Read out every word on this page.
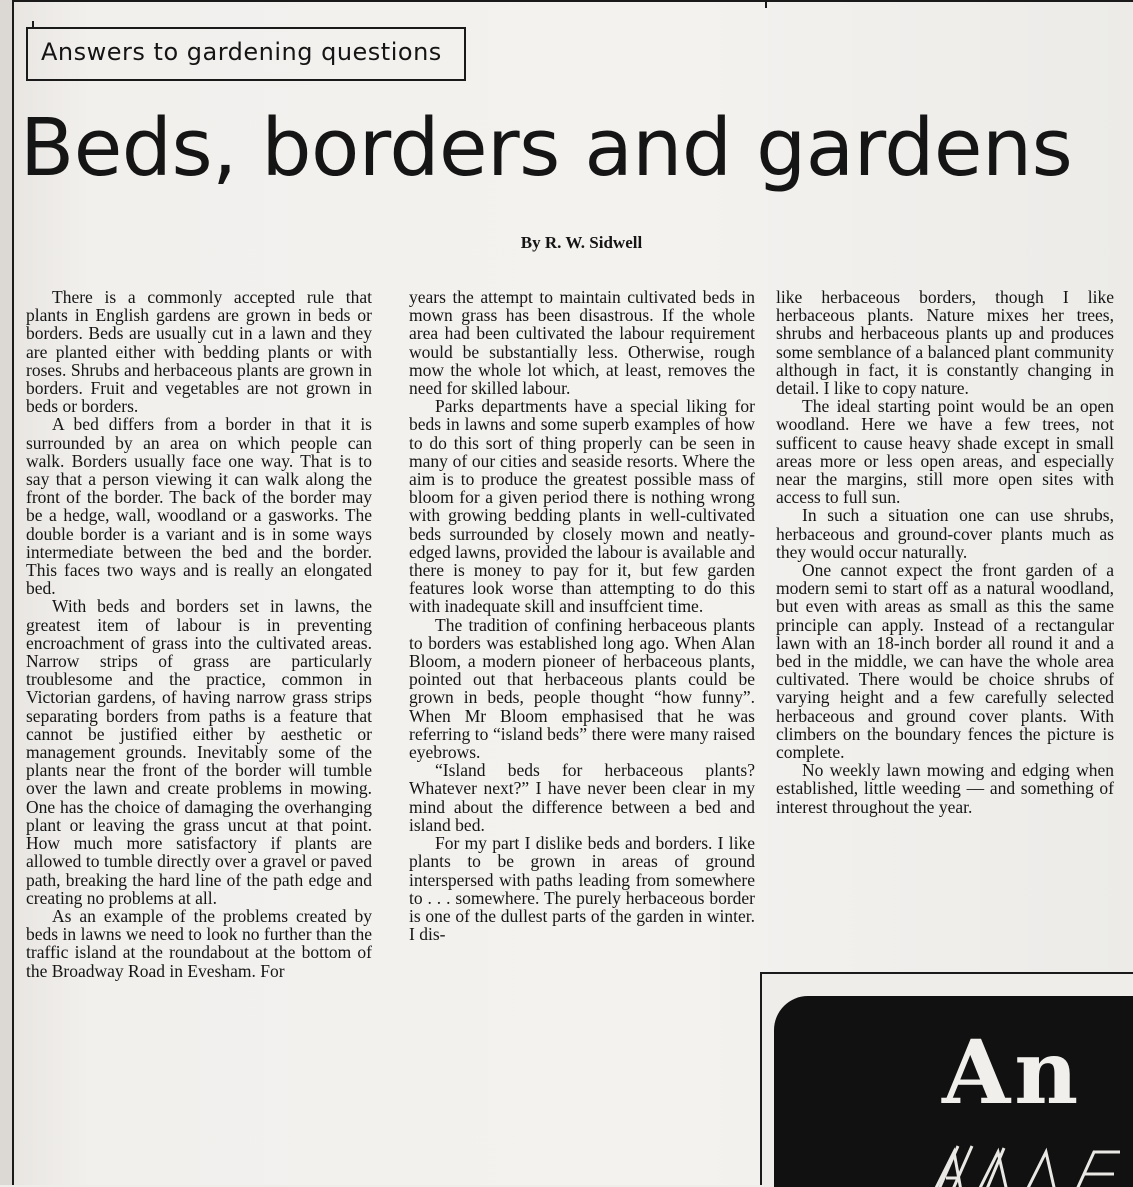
Answers to gardening questions
Beds, borders and gardens
By R. W. Sidwell

There is a commonly accepted rule that plants in English gardens are grown in beds or borders. Beds are usually cut in a lawn and they are planted either with bedding plants or with roses. Shrubs and herbaceous plants are grown in borders. Fruit and vegetables are not grown in beds or borders.

A bed differs from a border in that it is surrounded by an area on which people can walk. Borders usually face one way. That is to say that a person viewing it can walk along the front of the border. The back of the border may be a hedge, wall, woodland or a gasworks. The double border is a variant and is in some ways intermediate between the bed and the border. This faces two ways and is really an elongated bed.

With beds and borders set in lawns, the greatest item of labour is in preventing encroachment of grass into the cultivated areas. Narrow strips of grass are particularly troublesome and the practice, common in Victorian gardens, of having narrow grass strips separating borders from paths is a feature that cannot be justified either by aesthetic or management grounds. Inevitably some of the plants near the front of the border will tumble over the lawn and create problems in mowing. One has the choice of damaging the overhanging plant or leaving the grass uncut at that point. How much more satisfactory if plants are allowed to tumble directly over a gravel or paved path, breaking the hard line of the path edge and creating no problems at all.

As an example of the problems created by beds in lawns we need to look no further than the traffic island at the roundabout at the bottom of the Broadway Road in Evesham. For

years the attempt to maintain cultivated beds in mown grass has been disastrous. If the whole area had been cultivated the labour requirement would be substantially less. Otherwise, rough mow the whole lot which, at least, removes the need for skilled labour.

Parks departments have a special liking for beds in lawns and some superb examples of how to do this sort of thing properly can be seen in many of our cities and seaside resorts. Where the aim is to produce the greatest possible mass of bloom for a given period there is nothing wrong with growing bedding plants in well-cultivated beds surrounded by closely mown and neatly-edged lawns, provided the labour is available and there is money to pay for it, but few garden features look worse than attempting to do this with inadequate skill and insuffcient time.

The tradition of confining herbaceous plants to borders was established long ago. When Alan Bloom, a modern pioneer of herbaceous plants, pointed out that herbaceous plants could be grown in beds, people thought “how funny”. When Mr Bloom emphasised that he was referring to “island beds” there were many raised eyebrows.

“Island beds for herbaceous plants? Whatever next?” I have never been clear in my mind about the difference between a bed and island bed.

For my part I dislike beds and borders. I like plants to be grown in areas of ground interspersed with paths leading from somewhere to . . . somewhere. The purely herbaceous border is one of the dullest parts of the garden in winter. I dis-

like herbaceous borders, though I like herbaceous plants. Nature mixes her trees, shrubs and herbaceous plants up and produces some semblance of a balanced plant community although in fact, it is constantly changing in detail. I like to copy nature.

The ideal starting point would be an open woodland. Here we have a few trees, not sufficent to cause heavy shade except in small areas more or less open areas, and especially near the margins, still more open sites with access to full sun.

In such a situation one can use shrubs, herbaceous and ground-cover plants much as they would occur naturally.

One cannot expect the front garden of a modern semi to start off as a natural woodland, but even with areas as small as this the same principle can apply. Instead of a rectangular lawn with an 18-inch border all round it and a bed in the middle, we can have the whole area cultivated. There would be choice shrubs of varying height and a few carefully selected herbaceous and ground cover plants. With climbers on the boundary fences the picture is complete.

No weekly lawn mowing and edging when established, little weeding — and something of interest throughout the year.

An
